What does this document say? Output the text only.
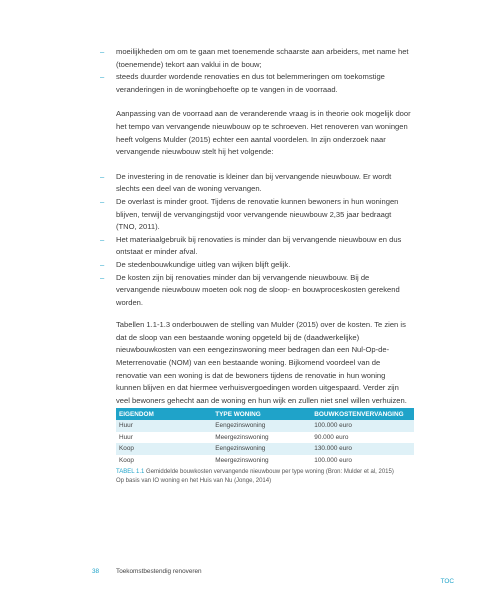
– moeilijkheden om om te gaan met toenemende schaarste aan arbeiders, met name het (toenemende) tekort aan vaklui in de bouw;
– steeds duurder wordende renovaties en dus tot belemmeringen om toekomstige veranderingen in de woningbehoefte op te vangen in de voorraad.

Aanpassing van de voorraad aan de veranderende vraag is in theorie ook mogelijk door het tempo van vervangende nieuwbouw op te schroeven. Het renoveren van woningen heeft volgens Mulder (2015) echter een aantal voordelen. In zijn onderzoek naar vervangende nieuwbouw stelt hij het volgende:

– De investering in de renovatie is kleiner dan bij vervangende nieuwbouw. Er wordt slechts een deel van de woning vervangen.
– De overlast is minder groot. Tijdens de renovatie kunnen bewoners in hun woningen blijven, terwijl de vervangingstijd voor vervangende nieuwbouw 2,35 jaar bedraagt (TNO, 2011).
– Het materiaalgebruik bij renovaties is minder dan bij vervangende nieuwbouw en dus ontstaat er minder afval.
– De stedenbouwkundige uitleg van wijken blijft gelijk.
– De kosten zijn bij renovaties minder dan bij vervangende nieuwbouw. Bij de vervangende nieuwbouw moeten ook nog de sloop- en bouwproceskosten gerekend worden.

Tabellen 1.1-1.3 onderbouwen de stelling van Mulder (2015) over de kosten. Te zien is dat de sloop van een bestaande woning opgeteld bij de (daadwerkelijke) nieuwbouwkosten van een eengezinswoning meer bedragen dan een Nul-Op-de-Meterrenovatie (NOM) van een bestaande woning. Bijkomend voordeel van de renovatie van een woning is dat de bewoners tijdens de renovatie in hun woning kunnen blijven en dat hiermee verhuisvergoedingen worden uitgespaard. Verder zijn veel bewoners gehecht aan de woning en hun wijk en zullen niet snel willen verhuizen.

EIGENDOM	TYPE WONING	BOUWKOSTENVERVANGING
Huur	Eengezinswoning	100.000 euro
Huur	Meergezinswoning	90.000 euro
Koop	Eengezinswoning	130.000 euro
Koop	Meergezinswoning	100.000 euro
TABEL 1.1 Gemiddelde bouwkosten vervangende nieuwbouw per type woning (Bron: Mulder et al, 2015)
Op basis van IO woning en het Huis van Nu (Jonge, 2014)
38	Toekomstbestendig renoveren
TOC
